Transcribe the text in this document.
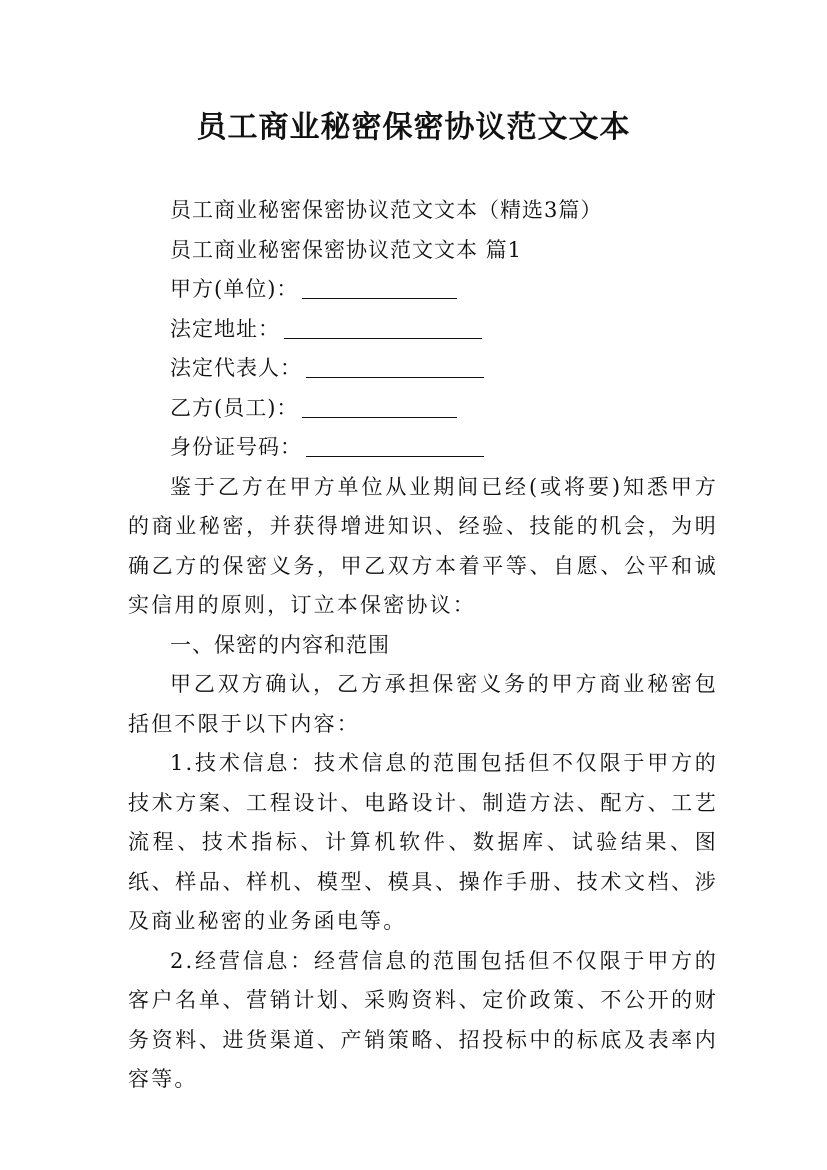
员工商业秘密保密协议范文文本

员工商业秘密保密协议范文文本（精选3篇）

员工商业秘密保密协议范文文本 篇1

甲方(单位)：

法定地址：

法定代表人：

乙方(员工)：

身份证号码：

鉴于乙方在甲方单位从业期间已经(或将要)知悉甲方的商业秘密，并获得增进知识、经验、技能的机会，为明确乙方的保密义务，甲乙双方本着平等、自愿、公平和诚实信用的原则，订立本保密协议：

一、保密的内容和范围

甲乙双方确认，乙方承担保密义务的甲方商业秘密包括但不限于以下内容：

1.技术信息：技术信息的范围包括但不仅限于甲方的技术方案、工程设计、电路设计、制造方法、配方、工艺流程、技术指标、计算机软件、数据库、试验结果、图纸、样品、样机、模型、模具、操作手册、技术文档、涉及商业秘密的业务函电等。

2.经营信息：经营信息的范围包括但不仅限于甲方的客户名单、营销计划、采购资料、定价政策、不公开的财务资料、进货渠道、产销策略、招投标中的标底及表率内容等。
